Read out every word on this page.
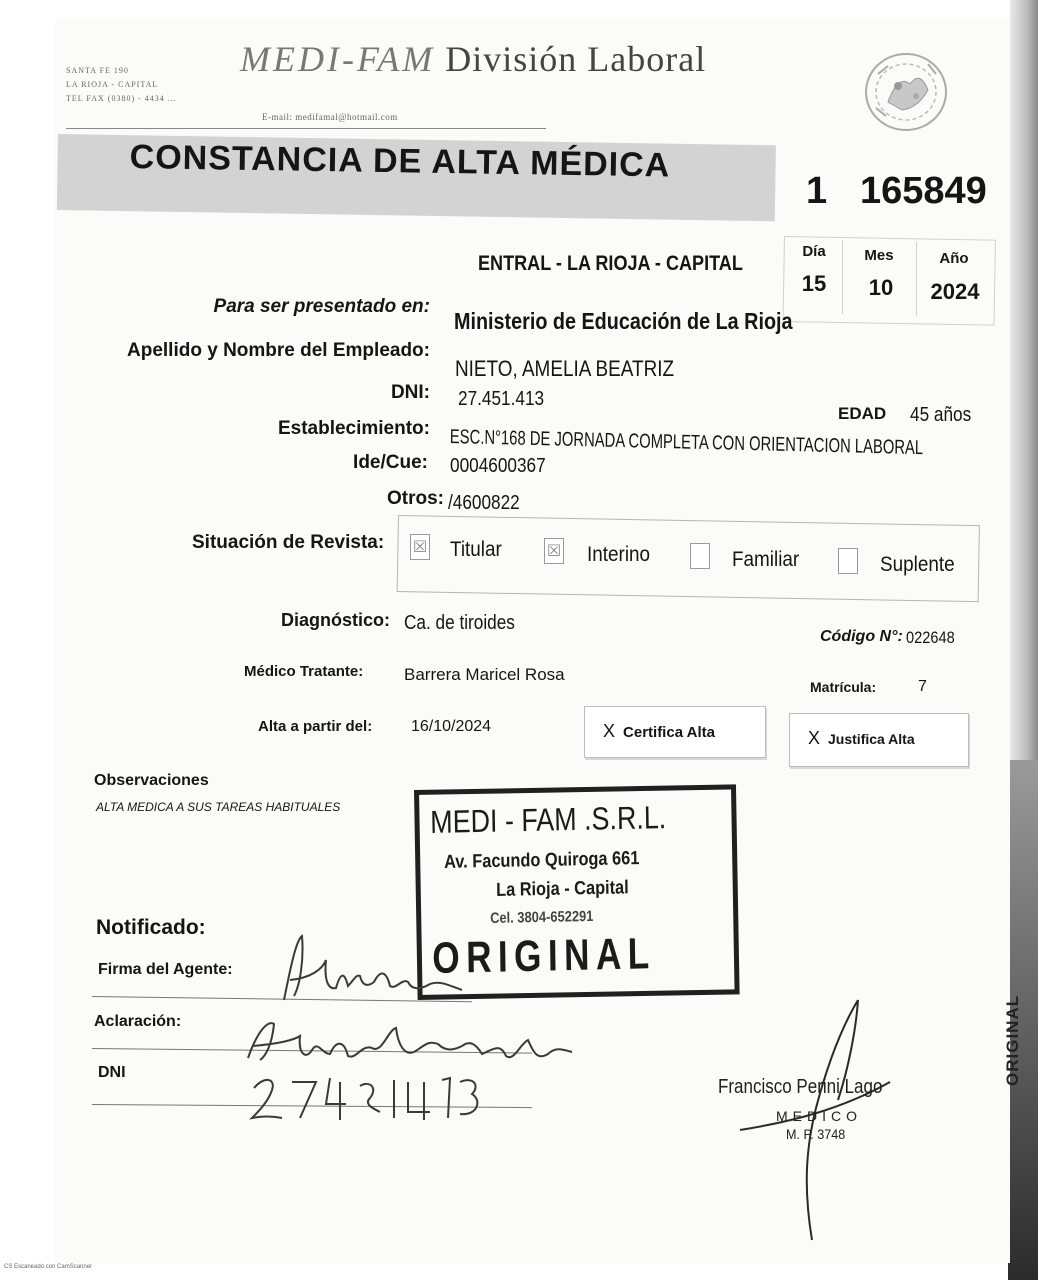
SANTA FE 190
LA RIOJA - CAPITAL
TEL FAX (0380) - 4434 ...
MEDI-FAM División Laboral
E-mail: medifamal@hotmail.com
CONSTANCIA DE ALTA MÉDICA
1 165849
ENTRAL - LA RIOJA - CAPITAL
Día	Mes	Año
15	10	2024
Para ser presentado en:
Ministerio de Educación de La Rioja
Apellido y Nombre del Empleado:
NIETO, AMELIA BEATRIZ
DNI: 27.451.413
EDAD 45 años
Establecimiento: ESC.N°168 DE JORNADA COMPLETA CON ORIENTACION LABORAL
Ide/Cue: 0004600367
Otros: /4600822
Situación de Revista: ☒ Titular	☒ Interino	Familiar	Suplente
Diagnóstico: Ca. de tiroides
Código N°: 022648
Médico Tratante: Barrera Maricel Rosa
Matrícula:	7
Alta a partir del: 16/10/2024	X Certifica Alta	X Justifica Alta
Observaciones
ALTA MEDICA A SUS TAREAS HABITUALES	MEDI - FAM .S.R.L.
Av. Facundo Quiroga 661
La Rioja - Capital
Cel. 3804-652291
ORIGINAL
Notificado:
Firma del Agente:
Aclaración:
DNI
Francisco Perini Lago
MEDICO
M. P. 3748
ORIGINAL
CS Escaneado con CamScanner
